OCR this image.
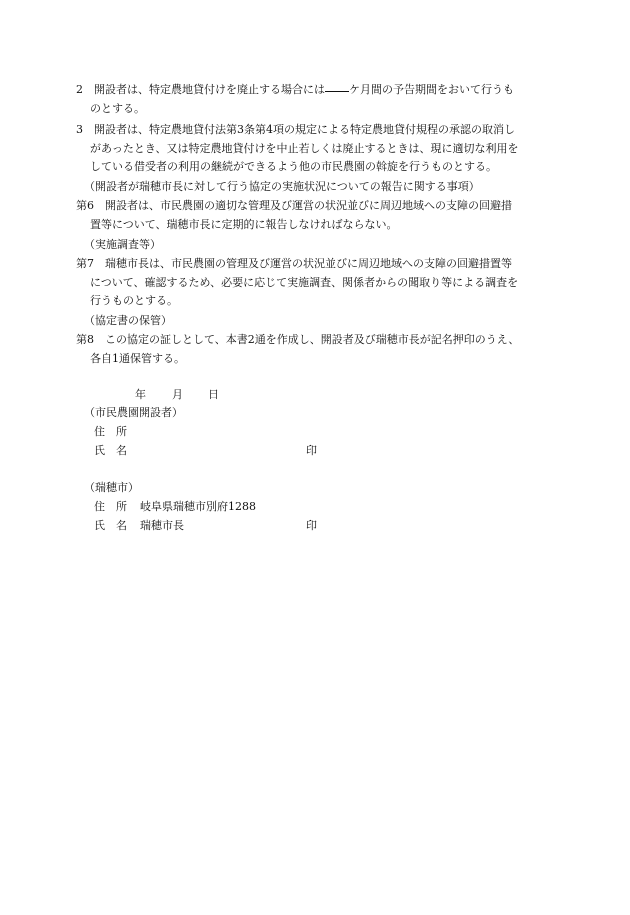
2　開設者は、特定農地貸付けを廃止する場合には ケ月間の予告期間をおいて行うも
のとする。
3　開設者は、特定農地貸付法第3条第4項の規定による特定農地貸付規程の承認の取消し
があったとき、又は特定農地貸付けを中止若しくは廃止するときは、現に適切な利用を
している借受者の利用の継続ができるよう他の市民農園の斡旋を行うものとする。
（開設者が瑞穂市長に対して行う協定の実施状況についての報告に関する事項）
第6　開設者は、市民農園の適切な管理及び運営の状況並びに周辺地域への支障の回避措
置等について、瑞穂市長に定期的に報告しなければならない。
（実施調査等）
第7　瑞穂市長は、市民農園の管理及び運営の状況並びに周辺地域への支障の回避措置等
について、確認するため、必要に応じて実施調査、関係者からの聞取り等による調査を
行うものとする。
（協定書の保管）
第8　この協定の証しとして、本書2通を作成し、開設者及び瑞穂市長が記名押印のうえ、
各自1通保管する。
年 月 日
（市民農園開設者）
住　所
氏　名	印
（瑞穂市）
住　所 岐阜県瑞穂市別府1288
氏　名 瑞穂市長	印
